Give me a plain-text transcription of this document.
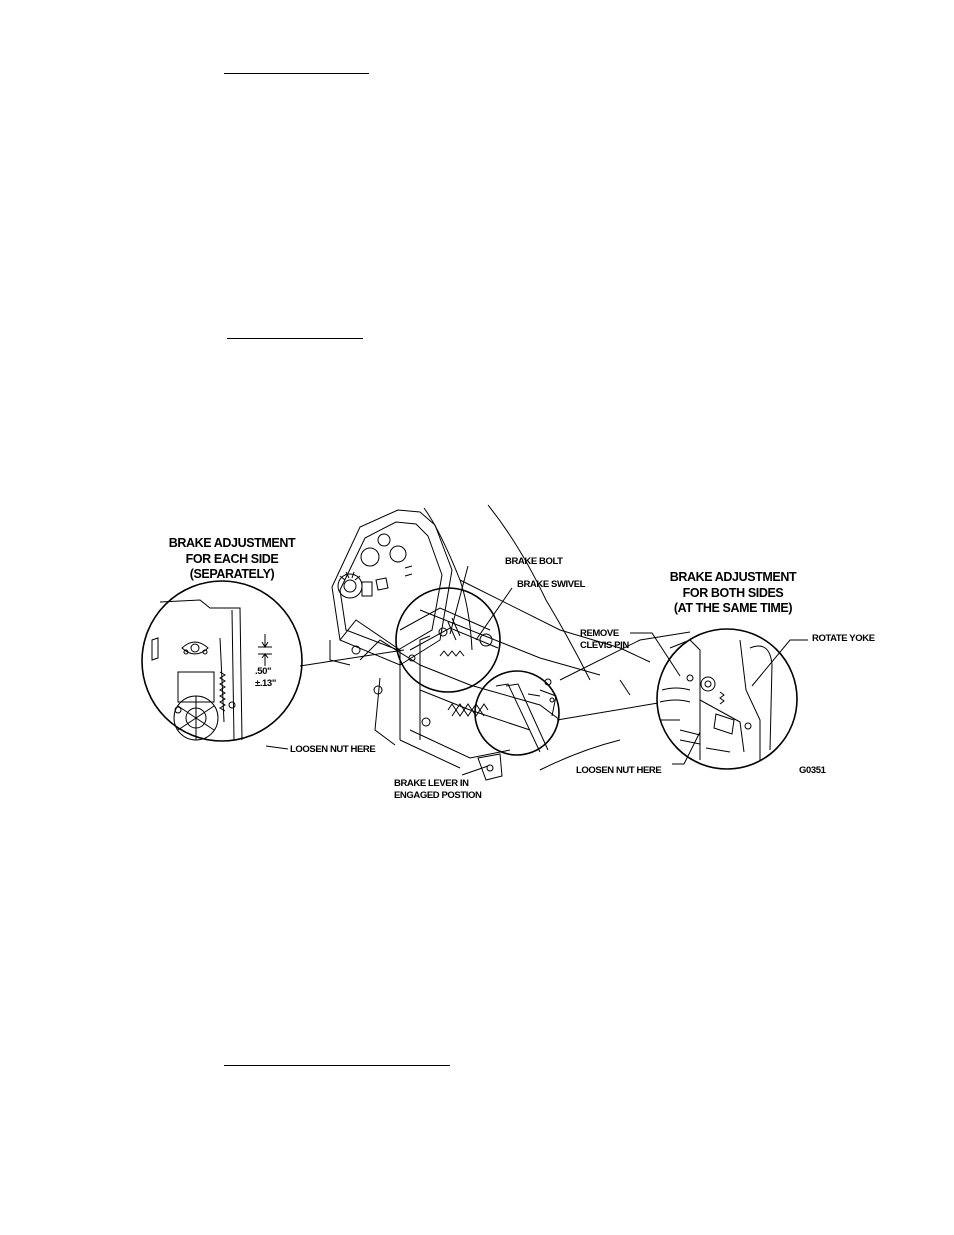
BRAKE ADJUSTMENT
FOR EACH SIDE
(SEPARATELY)	BRAKE ADJUSTMENT
FOR BOTH SIDES
(AT THE SAME TIME)
BRAKE BOLT
BRAKE SWIVEL
REMOVE
CLEVIS PIN
ROTATE YOKE
.50"
±.13"
LOOSEN NUT HERE
LOOSEN NUT HERE	G0351
BRAKE LEVER IN
ENGAGED POSTION
